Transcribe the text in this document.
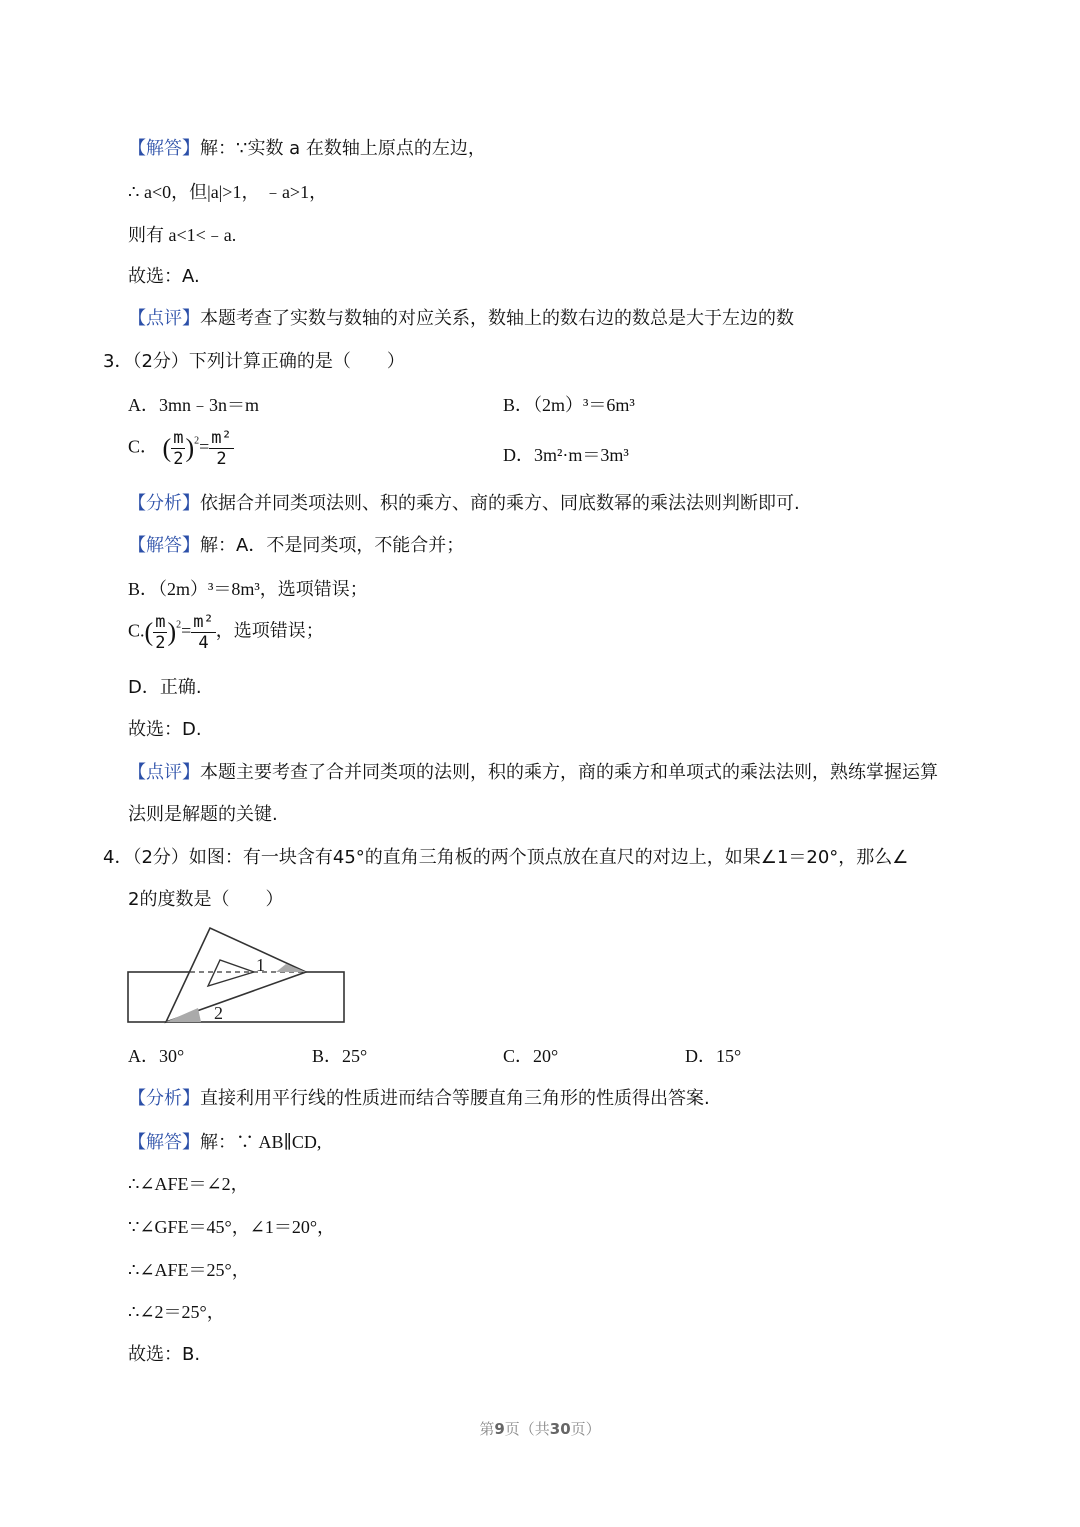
【解答】解：∵实数 a 在数轴上原点的左边，
∴ a<0，但|a|>1， ﹣a>1，
则有 a<1<﹣a.
故选：A.
【点评】本题考查了实数与数轴的对应关系，数轴上的数右边的数总是大于左边的数
3．（2分）下列计算正确的是（　　）
A．3mn﹣3n＝m	B．（2m）³＝6m³
C． ( $\frac{m}{2} )^2= \frac{\text{m²}}{2}$	D．3m²·m＝3m³
【分析】依据合并同类项法则、积的乘方、商的乘方、同底数幂的乘法法则判断即可.
【解答】解：A．不是同类项，不能合并；
B．（2m）³＝8m³，选项错误；
$C.( \frac{m}{2} )^2= \frac{\text{m²}}{4}$ ，选项错误；
D．正确.
故选：D.
【点评】本题主要考查了合并同类项的法则，积的乘方，商的乘方和单项式的乘法法则，熟练掌握运算
法则是解题的关键.
4．（2分）如图：有一块含有45°的直角三角板的两个顶点放在直尺的对边上，如果∠1＝20°，那么∠
2的度数是（　　）
1
2
A．30°	B．25°	C．20°	D．15°
【分析】直接利用平行线的性质进而结合等腰直角三角形的性质得出答案.
【解答】解：∵ AB∥CD,
∴∠AFE＝∠2，
∵∠GFE＝45°，∠1＝20°，
∴∠AFE＝25°，
∴∠2＝25°，
故选：B.
第9页（共30页）
